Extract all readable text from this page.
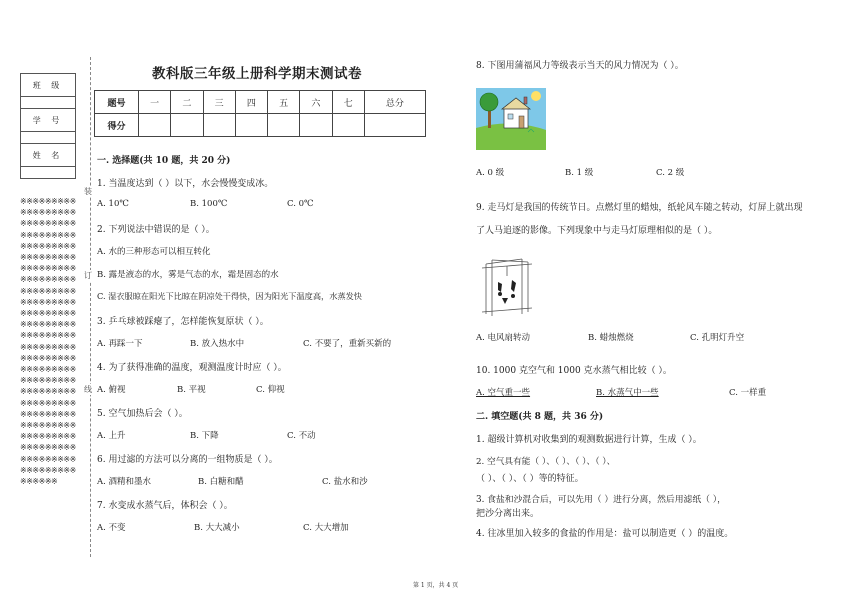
班 级

学 号

姓 名

※※※※※※※※※※※※※※※※※※※※※※※※※※※※※※※※※※※※※※※※※※※※※※※※※※※※※※※※※※※※※※※※※※※※※※※※※※※※※※※※※※※※※※※※※※※※※※※※※※※※※※※※※※※※※※※※※※※※※※※※※※※※※※※※※※※※※※※※※※※※※※※※※※※※※※※※※※※※※※※※※※※※※※※※※※※※※※※※※※※※※※※※※※※※※※※※※※※※※※※※※※※※※※※※※※※※※※※※※※※※※※※※※※※※※※※
装
订
线
教科版三年级上册科学期末测试卷
题号	一	二	三	四	五	六	七	总分
得分								
一. 选择题(共 10 题，共 20 分)
1. 当温度达到（ ）以下，水会慢慢变成冰。
A. 10℃	B. 100℃	C. 0℃
2. 下列说法中错误的是（ ）。
A. 水的三种形态可以相互转化
B. 露是液态的水，雾是气态的水，霜是固态的水
C. 湿衣服晾在阳光下比晾在阴凉处干得快，因为阳光下温度高，水蒸发快
3. 乒乓球被踩瘪了，怎样能恢复原状（ ）。
A. 再踩一下	B. 放入热水中	C. 不要了，重新买新的
4. 为了获得准确的温度，观测温度计时应（ ）。
A. 俯视	B. 平视	C. 仰视
5. 空气加热后会（ ）。
A. 上升	B. 下降	C. 不动
6. 用过滤的方法可以分离的一组物质是（ ）。
A. 酒精和墨水	B. 白糖和醋	C. 盐水和沙
7. 水变成水蒸气后，体积会（ ）。
A. 不变	B. 大大减小	C. 大大增加
8. 下图用蒲福风力等级表示当天的风力情况为（ ）。
A. 0 级	B. 1 级	C. 2 级
9. 走马灯是我国的传统节日。点燃灯里的蜡烛，纸轮风车随之转动，灯屏上就出现
了人马追逐的影像。下列现象中与走马灯原理相似的是（ ）。
A. 电风扇转动	B. 蜡烛燃烧	C. 孔明灯升空
10. 1000 克空气和 1000 克水蒸气相比较（ ）。
A. 空气重一些	B. 水蒸气中一些	C. 一样重
二. 填空题(共 8 题，共 36 分)
1. 超级计算机对收集到的观测数据进行计算，生成（ ）。
2. 空气具有能（ ）、（ ）、（ ）、（ ）、
（ ）、（ ）、（ ）等的特征。
3. 食盐和沙混合后，可以先用（ ）进行分离，然后用滤纸（ ），
把沙分离出来。
4. 往冰里加入较多的食盐的作用是：盐可以制造更（ ）的温度。
第 1 页，共 4 页
